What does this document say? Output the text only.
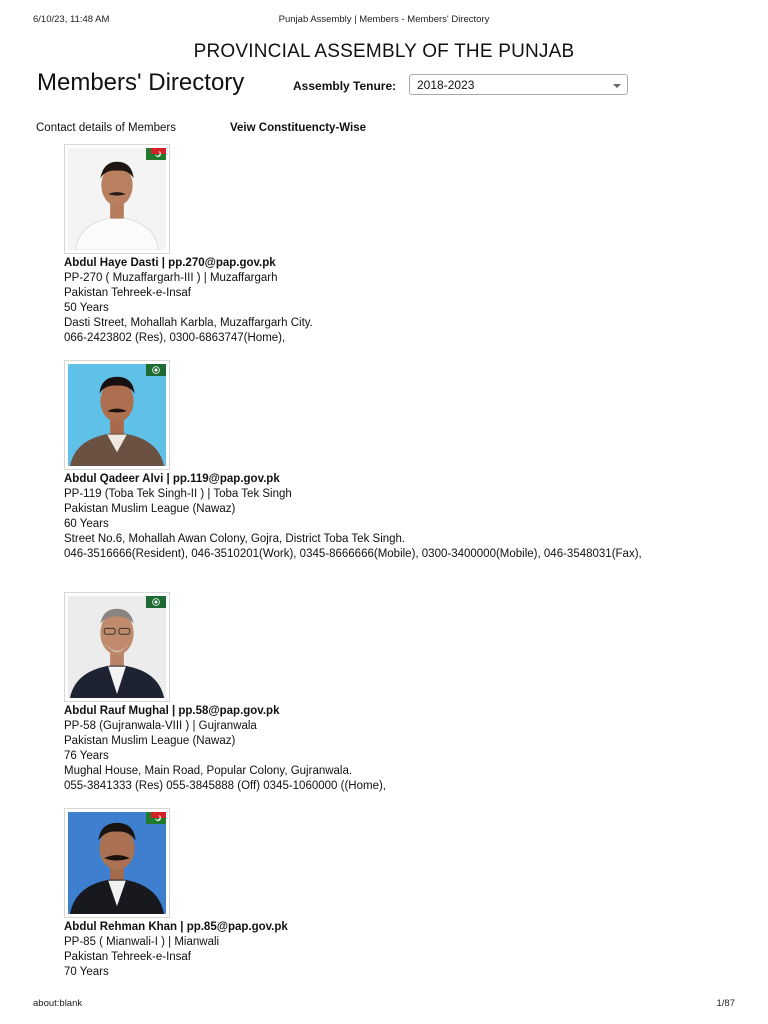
6/10/23, 11:48 AM	Punjab Assembly | Members - Members' Directory
PROVINCIAL ASSEMBLY OF THE PUNJAB
Members' Directory	Assembly Tenure:	2018-2023
Contact details of Members	Veiw Constituencty-Wise
Abdul Haye Dasti | pp.270@pap.gov.pk
PP-270 ( Muzaffargarh-III ) | Muzaffargarh
Pakistan Tehreek-e-Insaf
50 Years
Dasti Street, Mohallah Karbla, Muzaffargarh City.
066-2423802 (Res), 0300-6863747(Home),
Abdul Qadeer Alvi | pp.119@pap.gov.pk
PP-119 (Toba Tek Singh-II ) | Toba Tek Singh
Pakistan Muslim League (Nawaz)
60 Years
Street No.6, Mohallah Awan Colony, Gojra, District Toba Tek Singh.
046-3516666(Resident), 046-3510201(Work), 0345-8666666(Mobile), 0300-3400000(Mobile), 046-3548031(Fax),
Abdul Rauf Mughal | pp.58@pap.gov.pk
PP-58 (Gujranwala-VIII ) | Gujranwala
Pakistan Muslim League (Nawaz)
76 Years
Mughal House, Main Road, Popular Colony, Gujranwala.
055-3841333 (Res) 055-3845888 (Off) 0345-1060000 ((Home),
Abdul Rehman Khan | pp.85@pap.gov.pk
PP-85 ( Mianwali-I ) | Mianwali
Pakistan Tehreek-e-Insaf
70 Years
about:blank	1/87
